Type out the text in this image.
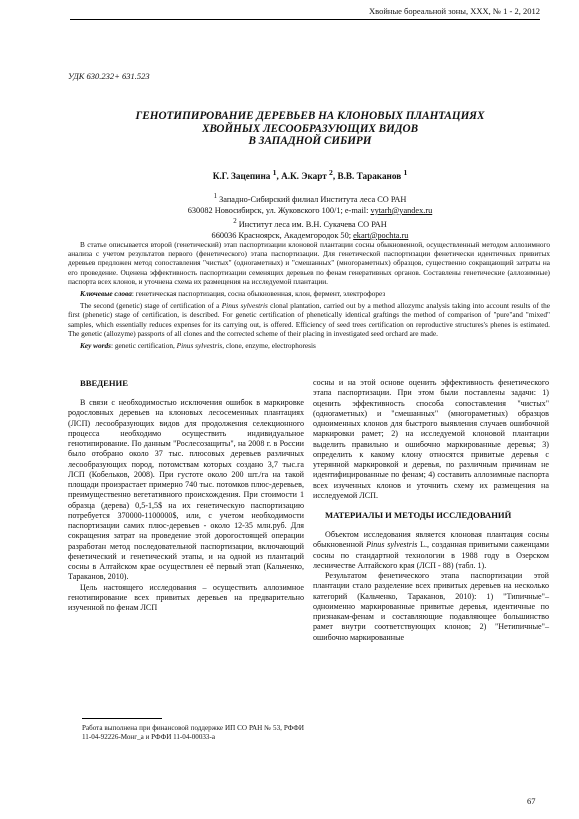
Хвойные бореальной зоны, XXX, № 1 - 2, 2012
УДК 630.232+ 631.523
ГЕНОТИПИРОВАНИЕ ДЕРЕВЬЕВ НА КЛОНОВЫХ ПЛАНТАЦИЯХ
ХВОЙНЫХ ЛЕСООБРАЗУЮЩИХ ВИДОВ
В ЗАПАДНОЙ СИБИРИ
К.Г. Зацепина $^1$, А.К. Экарт $^2$, В.В. Тараканов $^1$
$^1$ Западно-Сибирский филиал Института леса СО РАН
630082 Новосибирск, ул. Жуковского 100/1; e-mail: vytarh@yandex.ru
$^2$ Институт леса им. В.Н. Сукачева СО РАН
660036 Красноярск, Академгородок 50; ekart@pochta.ru

В статье описывается второй (генетический) этап паспортизации клоновой плантации сосны обыкновенной, осуществленный методом аллозимного анализа с учетом результатов первого (фенетического) этапа паспортизации. Для генетической паспортизации фенетически идентичных привитых деревьев предложен метод сопоставления "чистых" (одноraметных) и "смешанных" (многораметных) образцов, существенно сокращающий затраты на его проведение. Оценена эффективность паспортизации семенящих деревьев по фенам генеративных органов. Составлены генетические (аллозимные) паспорта всех клонов, и уточнена схема их размещения на исследуемой плантации.

Ключевые слова: генетическая паспортизация, сосна обыкновенная, клон, фермент, электрофорез

The second (genetic) stage of certification of a Pinus sylvestris clonal plantation, carried out by a method allozymc analysis taking into account results of the first (phenetic) stage of certification, is described. For genetic certification of phenetically identical graftings the method of comparison of "pure"and "mixed" samples, which essentially reduces expenses for its carrying out, is offered. Efficiency of seed trees certification on reproductive structures's phenes is estimated. The genetic (allozyme) passports of all clones and the corrected scheme of their placing in investigated seed orchard are made.

Key words: genetic certification, Pinus sylvestris, clone, enzyme, electrophoresis

ВВЕДЕНИЕ

В связи с необходимостью исключения ошибок в маркировке родословных деревьев на клоновых лесосеменных плантациях (ЛСП) лесообразующих видов для продолжения селекционного процесса необходимо осуществить индивидуальное генотипирование. По данным "Рослесозащиты", на 2008 г. в России было отобрано около 37 тыс. плюсовых деревьев различных лесообразующих пород, потомствам которых создано 3,7 тыс.га ЛСП (Кобельков, 2008). При густоте около 200 шт./га на такой площади произрастает примерно 740 тыс. потомков плюс-деревьев, преимущественно вегетативного происхождения. При стоимости 1 образца (дерева) 0,5-1,5$ на их генетическую паспортизацию потребуется 370000-1100000$, или, с учетом необходимости паспортизации самих плюс-деревьев - около 12-35 млн.руб. Для сокращения затрат на проведение этой дорогостоящей операции разработан метод последовательной паспортизации, включающий фенетический и генетический этапы, и на одной из плантаций сосны в Алтайском крае осуществлен её первый этап (Кальченко, Тараканов, 2010).

Цель настоящего исследования – осуществить аллозимное генотипирование всех привитых деревьев на предварительно изученной по фенам ЛСП

сосны и на этой основе оценить эффективность фенетического этапа паспортизации. При этом были поставлены задачи: 1) оценить эффективность способа сопоставления "чистых" (одноraметных) и "смешанных" (многораметных) образцов одноименных клонов для быстрого выявления случаев ошибочной маркировки рамет; 2) на исследуемой клоновой плантации выделить правильно и ошибочно маркированные деревья; 3) определить к какому клону относятся привитые деревья с утерянной маркировкой и деревья, по различным причинам не идентифицированные по фенам; 4) составить аллозимные паспорта всех изученных клонов и уточнить схему их размещения на исследуемой ЛСП.

МАТЕРИАЛЫ И МЕТОДЫ ИССЛЕДОВАНИЙ

Объектом исследования является клоновая плантация сосны обыкновенной Pinus sylvestris L., созданная привитыми саженцами сосны по стандартной технологии в 1988 году в Озерском лесничестве Алтайского края (ЛСП - 88) (табл. 1).

Результатом фенетического этапа паспортизации этой плантации стало разделение всех привитых деревьев на несколько категорий (Кальченко, Тараканов, 2010): 1) "Типичные"– одноименно маркированные привитые деревья, идентичные по признакам-фенам и составляющие подавляющее большинство рамет внутри соответствующих клонов; 2) "Нетипичные"– ошибочно маркированные

Работа выполнена при финансовой поддержке ИП СО РАН № 53, РФФИ 11-04-92226-Монг_а и РФФИ 11-04-00033-а
67
